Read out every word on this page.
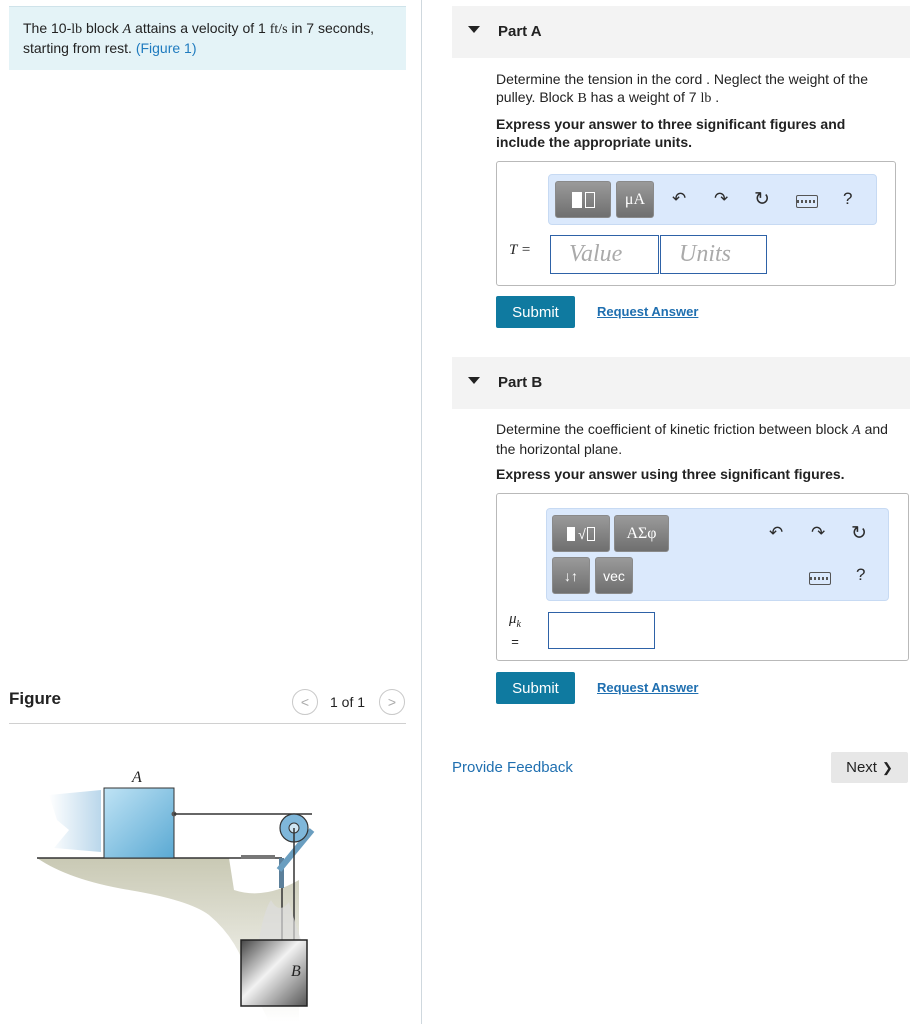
The 10-lb block A attains a velocity of 1 ft/s in 7 seconds, starting from rest. (Figure 1)
Figure	< 1 of 1 >
A
B
Part A
Determine the tension in the cord . Neglect the weight of the pulley. Block B has a weight of 7 lb .
Express your answer to three significant figures and include the appropriate units.
μA	↶ ↷ ↻	?
T =	Value	Units
Submit	Request Answer
Part B
Determine the coefficient of kinetic friction between block A and the horizontal plane.
Express your answer using three significant figures.
√	ΑΣφ
↓↑	vec
↶ ↷ ↻
?
$\mu_k$
=
Submit	Request Answer
Provide Feedback	Next ❯
